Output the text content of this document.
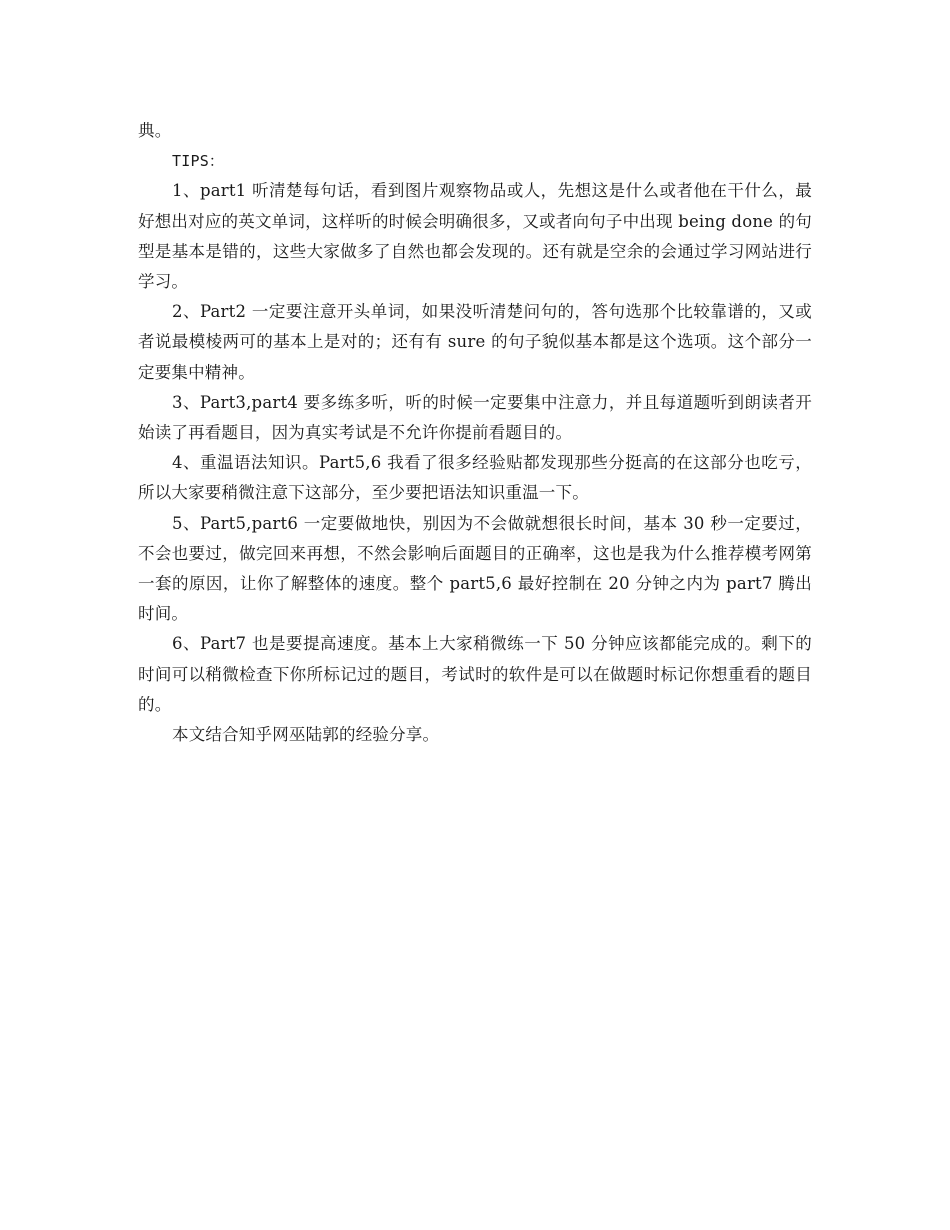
典。

TIPS：

1、part1 听清楚每句话，看到图片观察物品或人，先想这是什么或者他在干什么，最好想出对应的英文单词，这样听的时候会明确很多，又或者向句子中出现 being done 的句型是基本是错的，这些大家做多了自然也都会发现的。还有就是空余的会通过学习网站进行学习。

2、Part2 一定要注意开头单词，如果没听清楚问句的，答句选那个比较靠谱的，又或者说最模棱两可的基本上是对的；还有有 sure 的句子貌似基本都是这个选项。这个部分一定要集中精神。

3、Part3,part4 要多练多听，听的时候一定要集中注意力，并且每道题听到朗读者开始读了再看题目，因为真实考试是不允许你提前看题目的。

4、重温语法知识。Part5,6 我看了很多经验贴都发现那些分挺高的在这部分也吃亏，所以大家要稍微注意下这部分，至少要把语法知识重温一下。

5、Part5,part6 一定要做地快，别因为不会做就想很长时间，基本 30 秒一定要过，不会也要过，做完回来再想，不然会影响后面题目的正确率，这也是我为什么推荐模考网第一套的原因，让你了解整体的速度。整个 part5,6 最好控制在 20 分钟之内为 part7 腾出时间。

6、Part7 也是要提高速度。基本上大家稍微练一下 50 分钟应该都能完成的。剩下的时间可以稍微检查下你所标记过的题目，考试时的软件是可以在做题时标记你想重看的题目的。

本文结合知乎网巫陆郭的经验分享。
